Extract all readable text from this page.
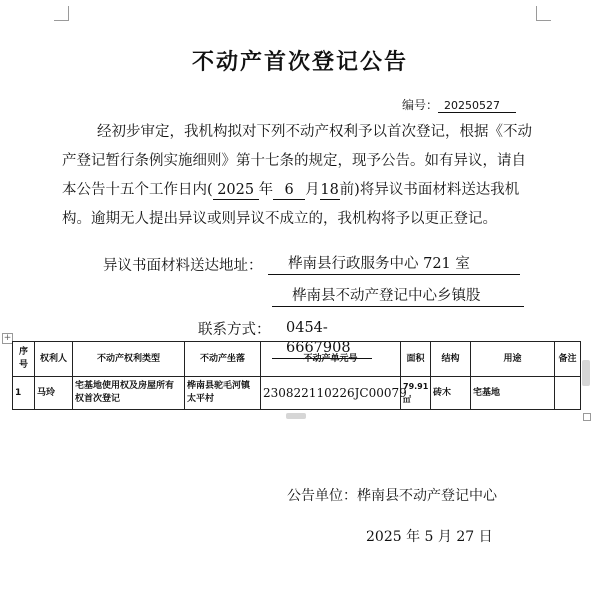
不动产首次登记公告
编号： 20250527
经初步审定，我机构拟对下列不动产权利予以首次登记，根据《不动
产登记暂行条例实施细则》第十七条的规定，现予公告。如有异议，请自
本公告十五个工作日内( 2025 年 6 月18前)将异议书面材料送达我机
构。逾期无人提出异议或则异议不成立的，我机构将予以更正登记。
异议书面材料送达地址：	桦南县行政服务中心 721 室
桦南县不动产登记中心乡镇股
联系方式：	0454-6667908
+
序号	权利人	不动产权利类型	不动产坐落	不动产单元号	面积	结构	用途	备注
1	马玲	宅基地使用权及房屋所有权首次登记	桦南县驼毛河镇太平村	230822110226JC00079	79.91㎡	砖木	宅基地	
公告单位：桦南县不动产登记中心
2025 年 5 月 27 日
